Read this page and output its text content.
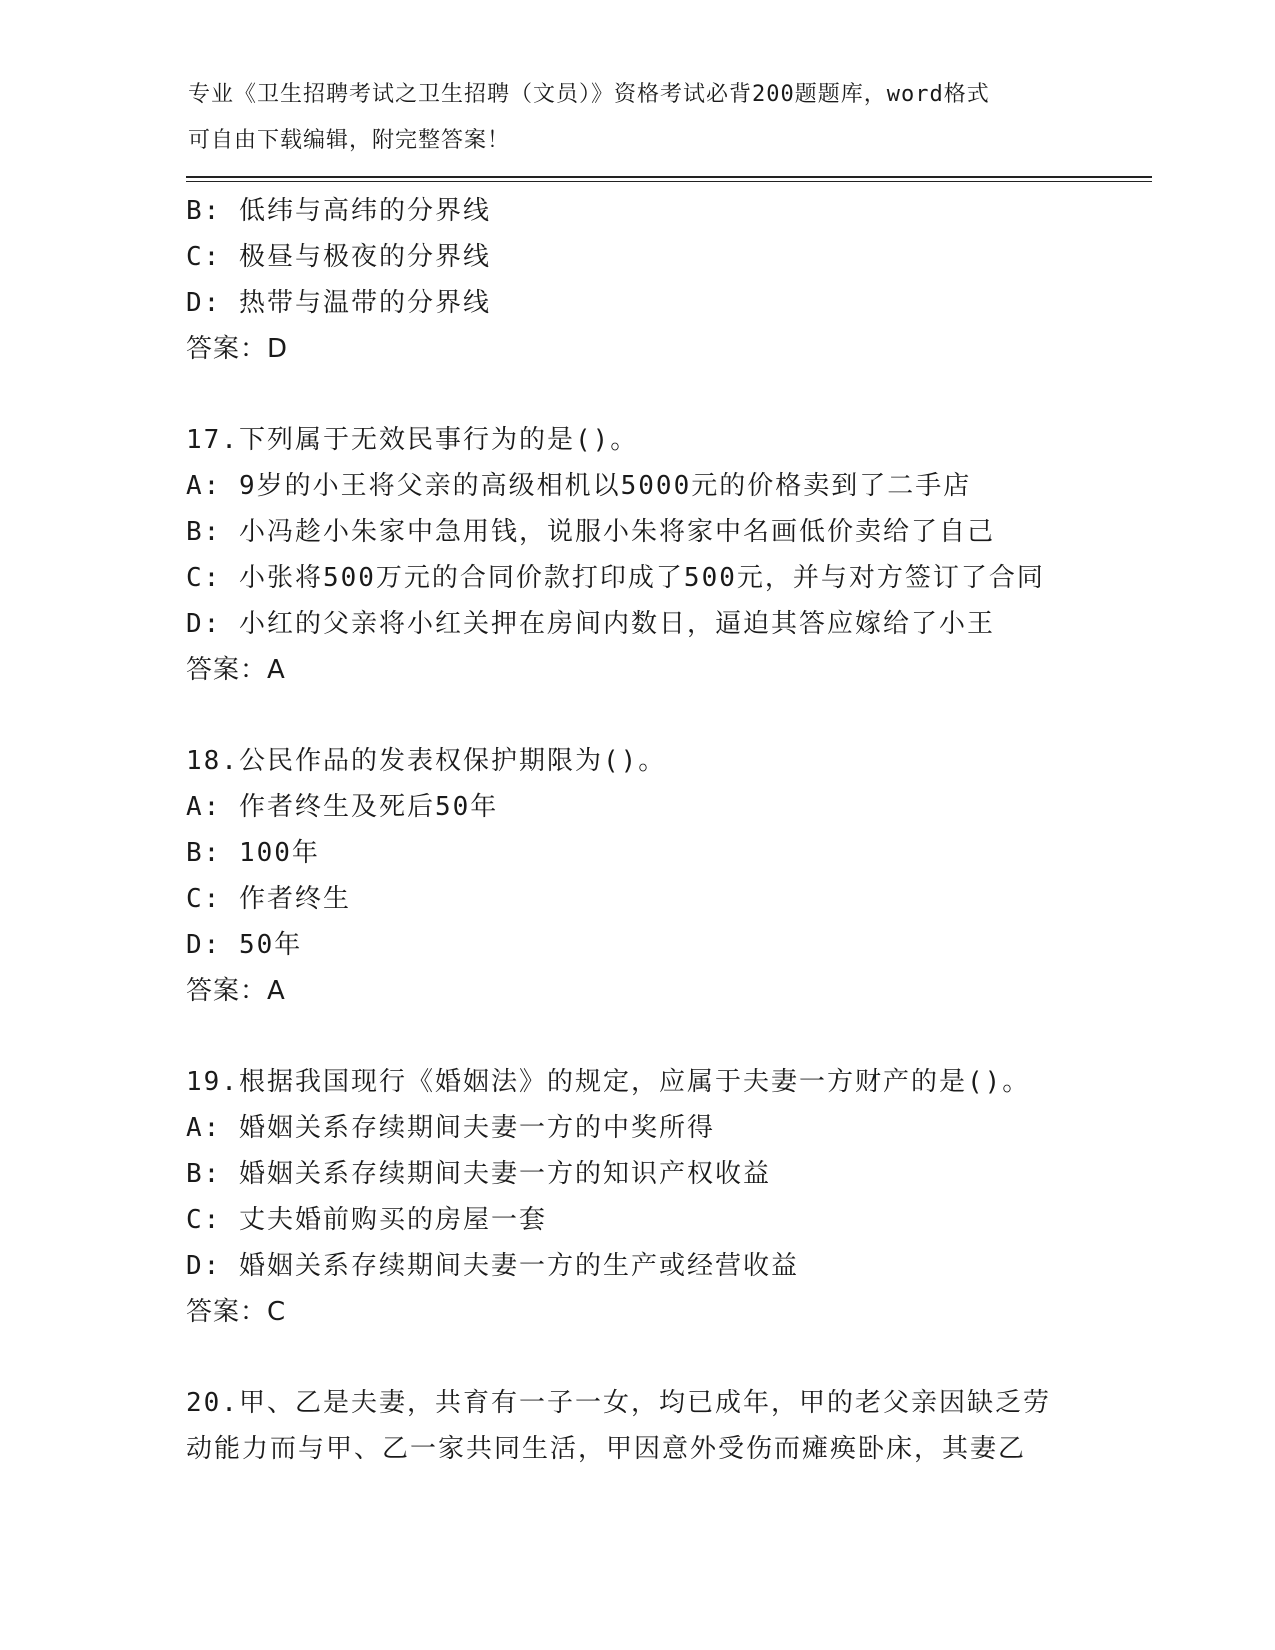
专业《卫生招聘考试之卫生招聘（文员）》资格考试必背200题题库，word格式
可自由下载编辑，附完整答案！
B: 低纬与高纬的分界线
C: 极昼与极夜的分界线
D: 热带与温带的分界线
答案：D
17.下列属于无效民事行为的是()。
A: 9岁的小王将父亲的高级相机以5000元的价格卖到了二手店
B: 小冯趁小朱家中急用钱，说服小朱将家中名画低价卖给了自己
C: 小张将500万元的合同价款打印成了500元，并与对方签订了合同
D: 小红的父亲将小红关押在房间内数日，逼迫其答应嫁给了小王
答案：A
18.公民作品的发表权保护期限为()。
A: 作者终生及死后50年
B: 100年
C: 作者终生
D: 50年
答案：A
19.根据我国现行《婚姻法》的规定，应属于夫妻一方财产的是()。
A: 婚姻关系存续期间夫妻一方的中奖所得
B: 婚姻关系存续期间夫妻一方的知识产权收益
C: 丈夫婚前购买的房屋一套
D: 婚姻关系存续期间夫妻一方的生产或经营收益
答案：C
20.甲、乙是夫妻，共育有一子一女，均已成年，甲的老父亲因缺乏劳
动能力而与甲、乙一家共同生活，甲因意外受伤而瘫痪卧床，其妻乙
